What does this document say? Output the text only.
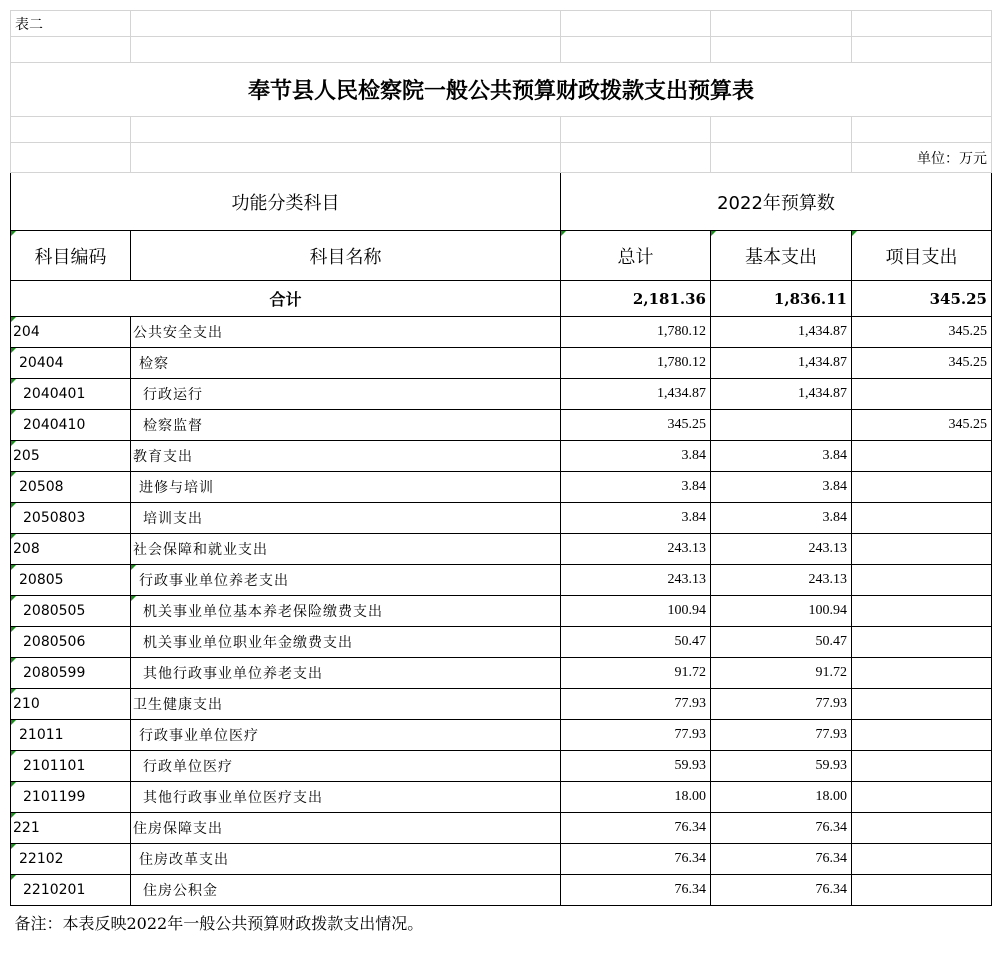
表二				

奉节县人民检察院一般公共预算财政拨款支出预算表				

				单位：万元
功能分类科目		2022年预算数		
科目编码	科目名称	总计	基本支出	项目支出
合计		2,181.36	1,836.11	345.25
204	公共安全支出	1,780.12	1,434.87	345.25
20404	检察	1,780.12	1,434.87	345.25
2040401	行政运行	1,434.87	1,434.87	
2040410	检察监督	345.25		345.25
205	教育支出	3.84	3.84	
20508	进修与培训	3.84	3.84	
2050803	培训支出	3.84	3.84	
208	社会保障和就业支出	243.13	243.13	
20805	行政事业单位养老支出	243.13	243.13	
2080505	机关事业单位基本养老保险缴费支出	100.94	100.94	
2080506	机关事业单位职业年金缴费支出	50.47	50.47	
2080599	其他行政事业单位养老支出	91.72	91.72	
210	卫生健康支出	77.93	77.93	
21011	行政事业单位医疗	77.93	77.93	
2101101	行政单位医疗	59.93	59.93	
2101199	其他行政事业单位医疗支出	18.00	18.00	
221	住房保障支出	76.34	76.34	
22102	住房改革支出	76.34	76.34	
2210201	住房公积金	76.34	76.34	
备注：本表反映2022年一般公共预算财政拨款支出情况。				
